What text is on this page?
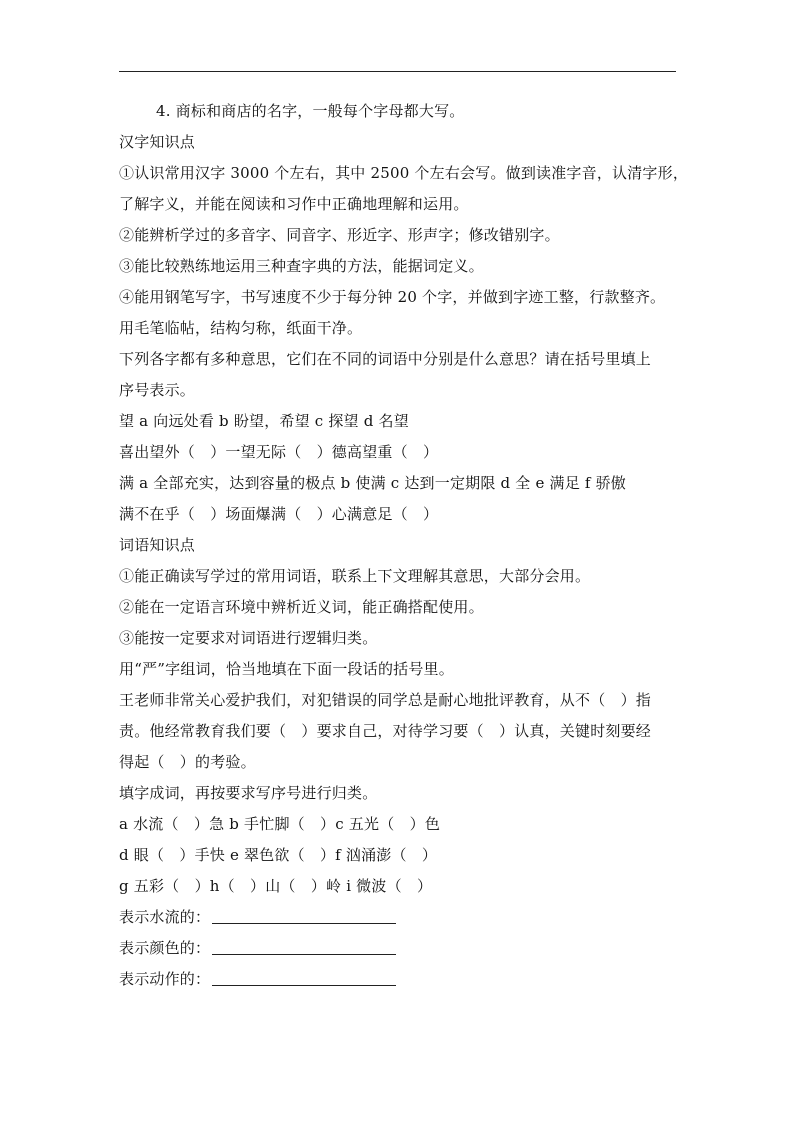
4. 商标和商店的名字，一般每个字母都大写。
汉字知识点
①认识常用汉字 3000 个左右，其中 2500 个左右会写。做到读准字音，认清字形，
了解字义，并能在阅读和习作中正确地理解和运用。
②能辨析学过的多音字、同音字、形近字、形声字；修改错别字。
③能比较熟练地运用三种查字典的方法，能据词定义。
④能用钢笔写字，书写速度不少于每分钟 20 个字，并做到字迹工整，行款整齐。
用毛笔临帖，结构匀称，纸面干净。
下列各字都有多种意思，它们在不同的词语中分别是什么意思？请在括号里填上
序号表示。
望 a 向远处看 b 盼望，希望 c 探望 d 名望
喜出望外（　）一望无际（　）德高望重（　）
满 a 全部充实，达到容量的极点 b 使满 c 达到一定期限 d 全 e 满足 f 骄傲
满不在乎（　）场面爆满（　）心满意足（　）
词语知识点
①能正确读写学过的常用词语，联系上下文理解其意思，大部分会用。
②能在一定语言环境中辨析近义词，能正确搭配使用。
③能按一定要求对词语进行逻辑归类。
用“严”字组词，恰当地填在下面一段话的括号里。
王老师非常关心爱护我们，对犯错误的同学总是耐心地批评教育，从不（　）指
责。他经常教育我们要（　）要求自己，对待学习要（　）认真，关键时刻要经
得起（　）的考验。
填字成词，再按要求写序号进行归类。
a 水流（　）急 b 手忙脚（　）c 五光（　）色
d 眼（　）手快 e 翠色欲（　）f 汹涌澎（　）
g 五彩（　）h（　）山（　）岭 i 微波（　）
表示水流的：
表示颜色的：
表示动作的：
